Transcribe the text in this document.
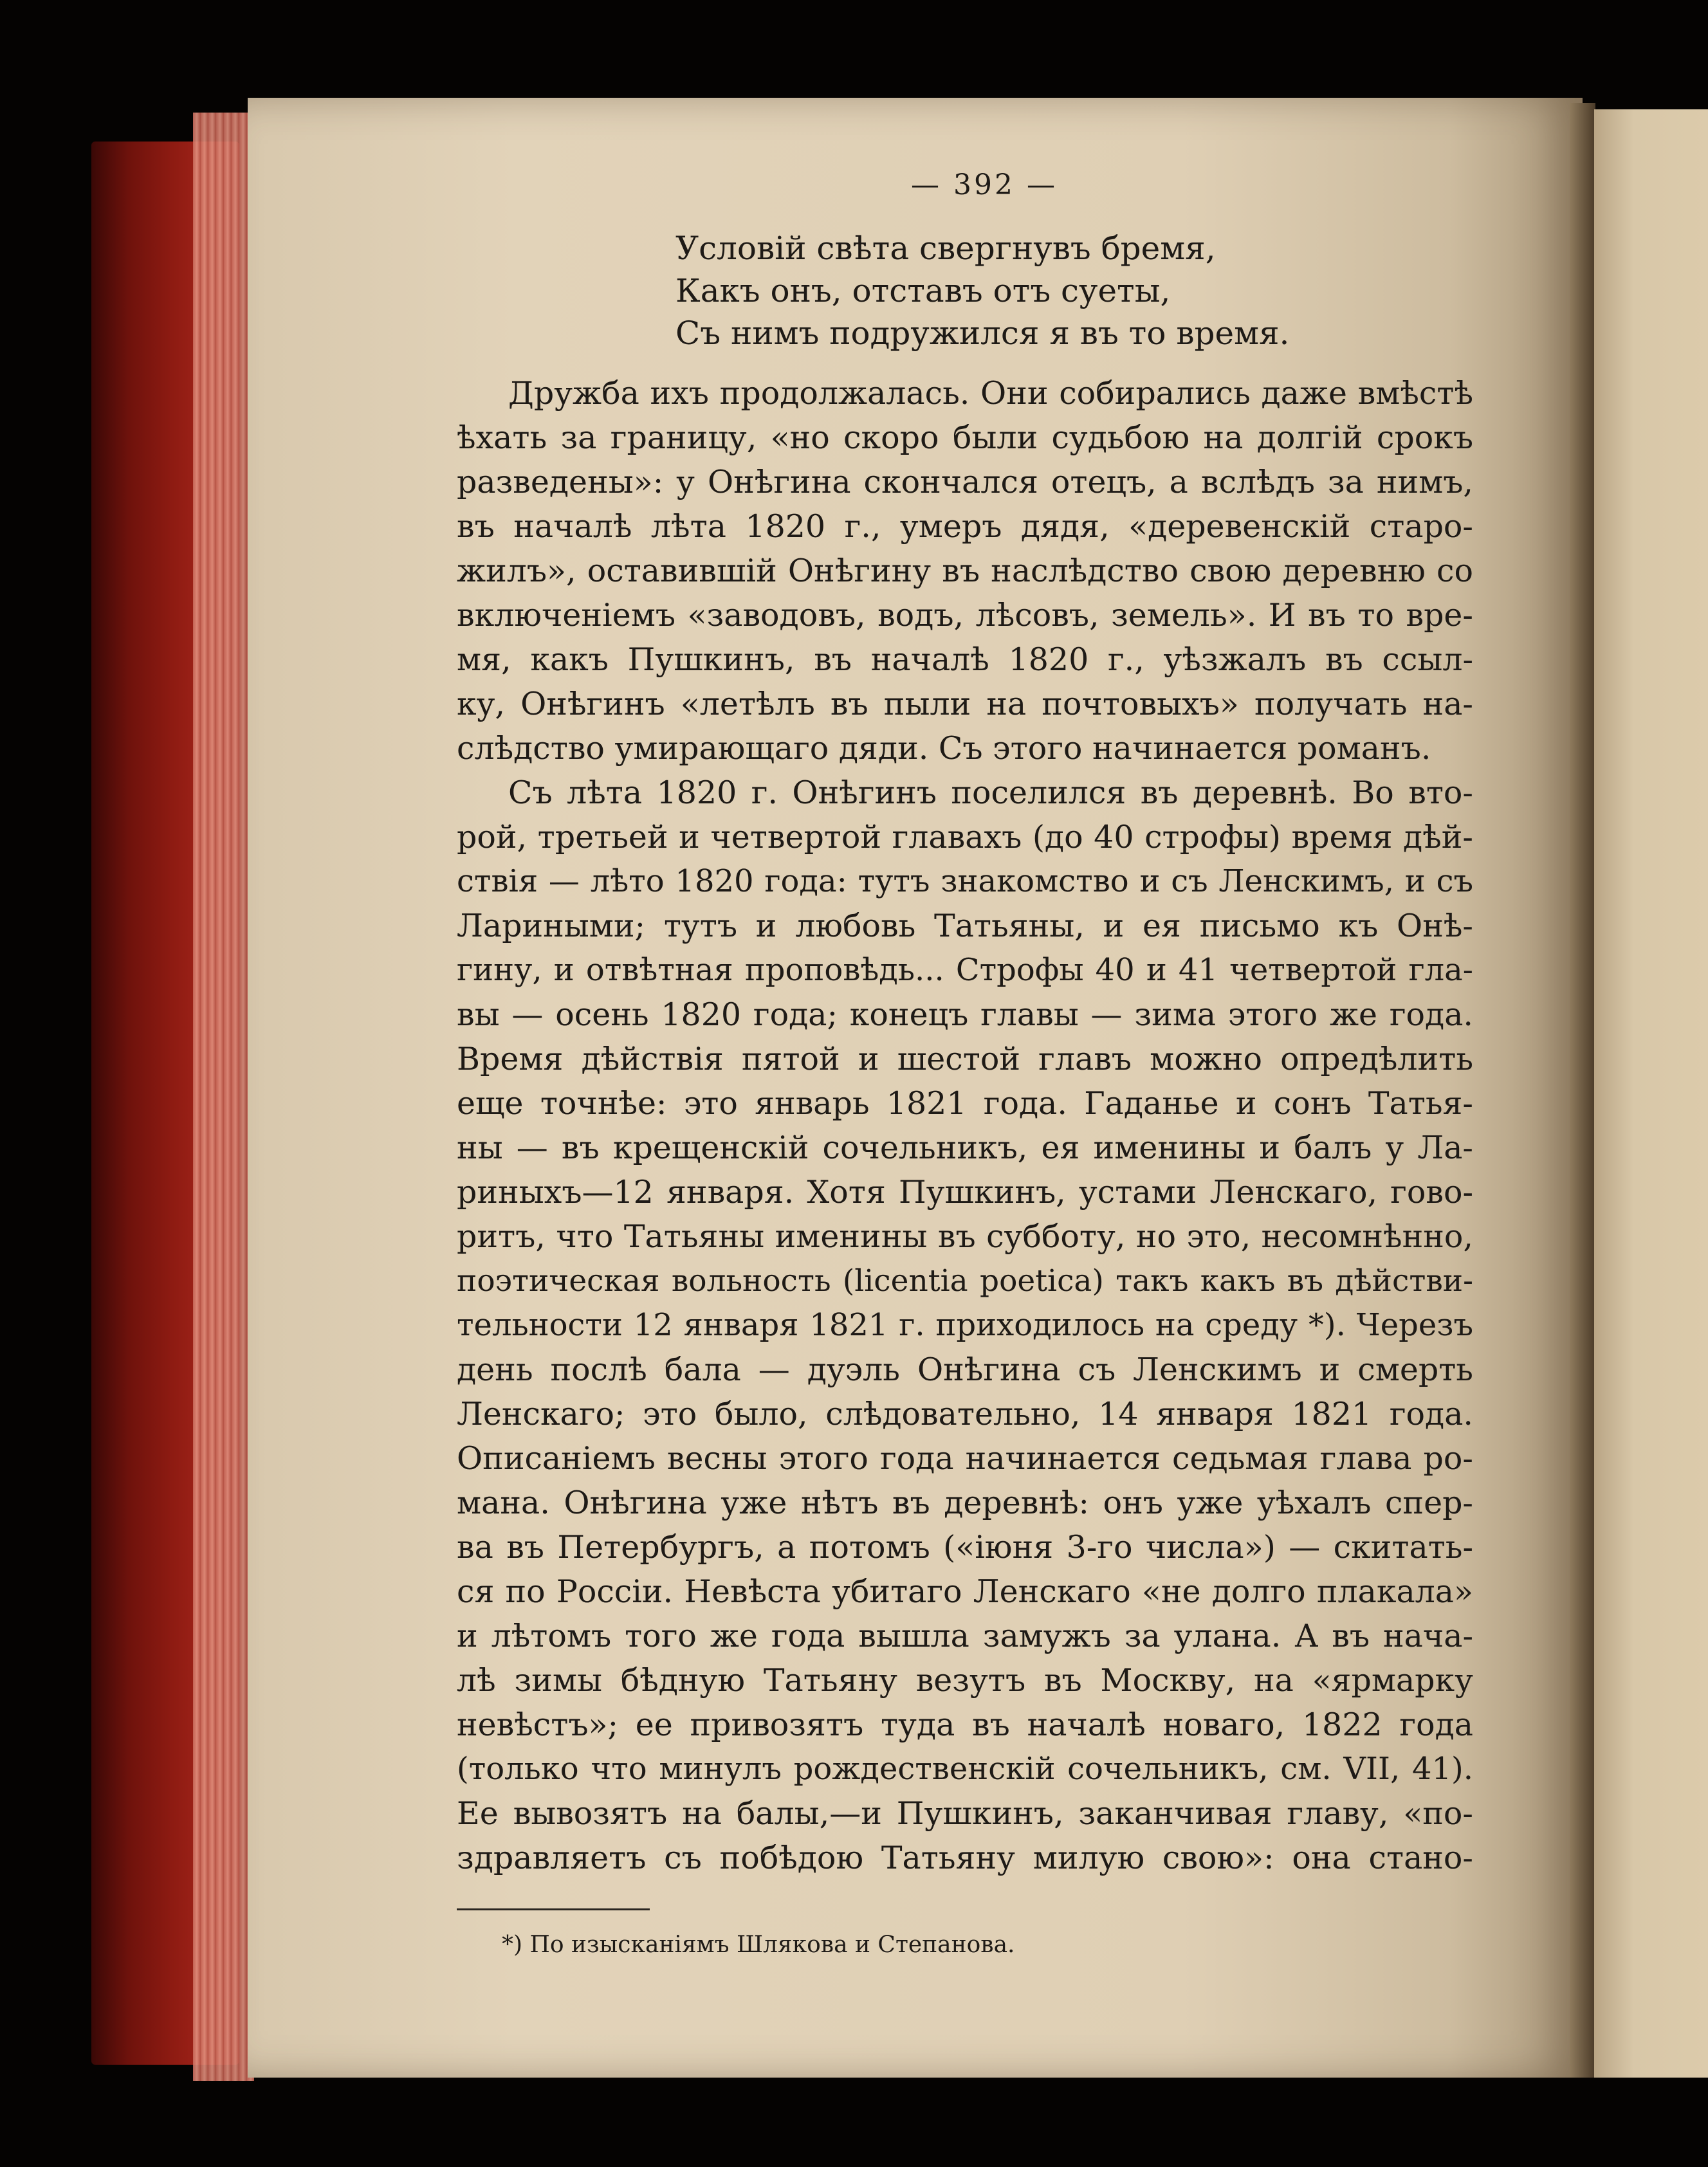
— 392 —
Условій свѣта свергнувъ бремя,
Какъ онъ, отставъ отъ суеты,
Съ нимъ подружился я въ то время.
Дружба ихъ продолжалась. Они собирались даже вмѣстѣ
ѣхать за границу, «но скоро были судьбою на долгій срокъ
разведены»: у Онѣгина скончался отецъ, а вслѣдъ за нимъ,
въ началѣ лѣта 1820 г., умеръ дядя, «деревенскій старо-
жилъ», оставившій Онѣгину въ наслѣдство свою деревню со
включеніемъ «заводовъ, водъ, лѣсовъ, земель». И въ то вре-
мя, какъ Пушкинъ, въ началѣ 1820 г., уѣзжалъ въ ссыл-
ку, Онѣгинъ «летѣлъ въ пыли на почтовыхъ» получать на-
слѣдство умирающаго дяди. Съ этого начинается романъ.
Съ лѣта 1820 г. Онѣгинъ поселился въ деревнѣ. Во вто-
рой, третьей и четвертой главахъ (до 40 строфы) время дѣй-
ствія — лѣто 1820 года: тутъ знакомство и съ Ленскимъ, и съ
Лариными; тутъ и любовь Татьяны, и ея письмо къ Онѣ-
гину, и отвѣтная проповѣдь... Строфы 40 и 41 четвертой гла-
вы — осень 1820 года; конецъ главы — зима этого же года.
Время дѣйствія пятой и шестой главъ можно опредѣлить
еще точнѣе: это январь 1821 года. Гаданье и сонъ Татья-
ны — въ крещенскій сочельникъ, ея именины и балъ у Ла-
риныхъ—12 января. Хотя Пушкинъ, устами Ленскаго, гово-
ритъ, что Татьяны именины въ субботу, но это, несомнѣнно,
поэтическая вольность (licentia poetica) такъ какъ въ дѣйстви-
тельности 12 января 1821 г. приходилось на среду *). Черезъ
день послѣ бала — дуэль Онѣгина съ Ленскимъ и смерть
Ленскаго; это было, слѣдовательно, 14 января 1821 года.
Описаніемъ весны этого года начинается седьмая глава ро-
мана. Онѣгина уже нѣтъ въ деревнѣ: онъ уже уѣхалъ спер-
ва въ Петербургъ, а потомъ («іюня 3-го числа») — скитать-
ся по Россіи. Невѣста убитаго Ленскаго «не долго плакала»
и лѣтомъ того же года вышла замужъ за улана. А въ нача-
лѣ зимы бѣдную Татьяну везутъ въ Москву, на «ярмарку
невѣстъ»; ее привозятъ туда въ началѣ новаго, 1822 года
(только что минулъ рождественскій сочельникъ, см. VII, 41).
Ее вывозятъ на балы,—и Пушкинъ, заканчивая главу, «по-
здравляетъ съ побѣдою Татьяну милую свою»: она стано-
*) По изысканіямъ Шлякова и Степанова.
